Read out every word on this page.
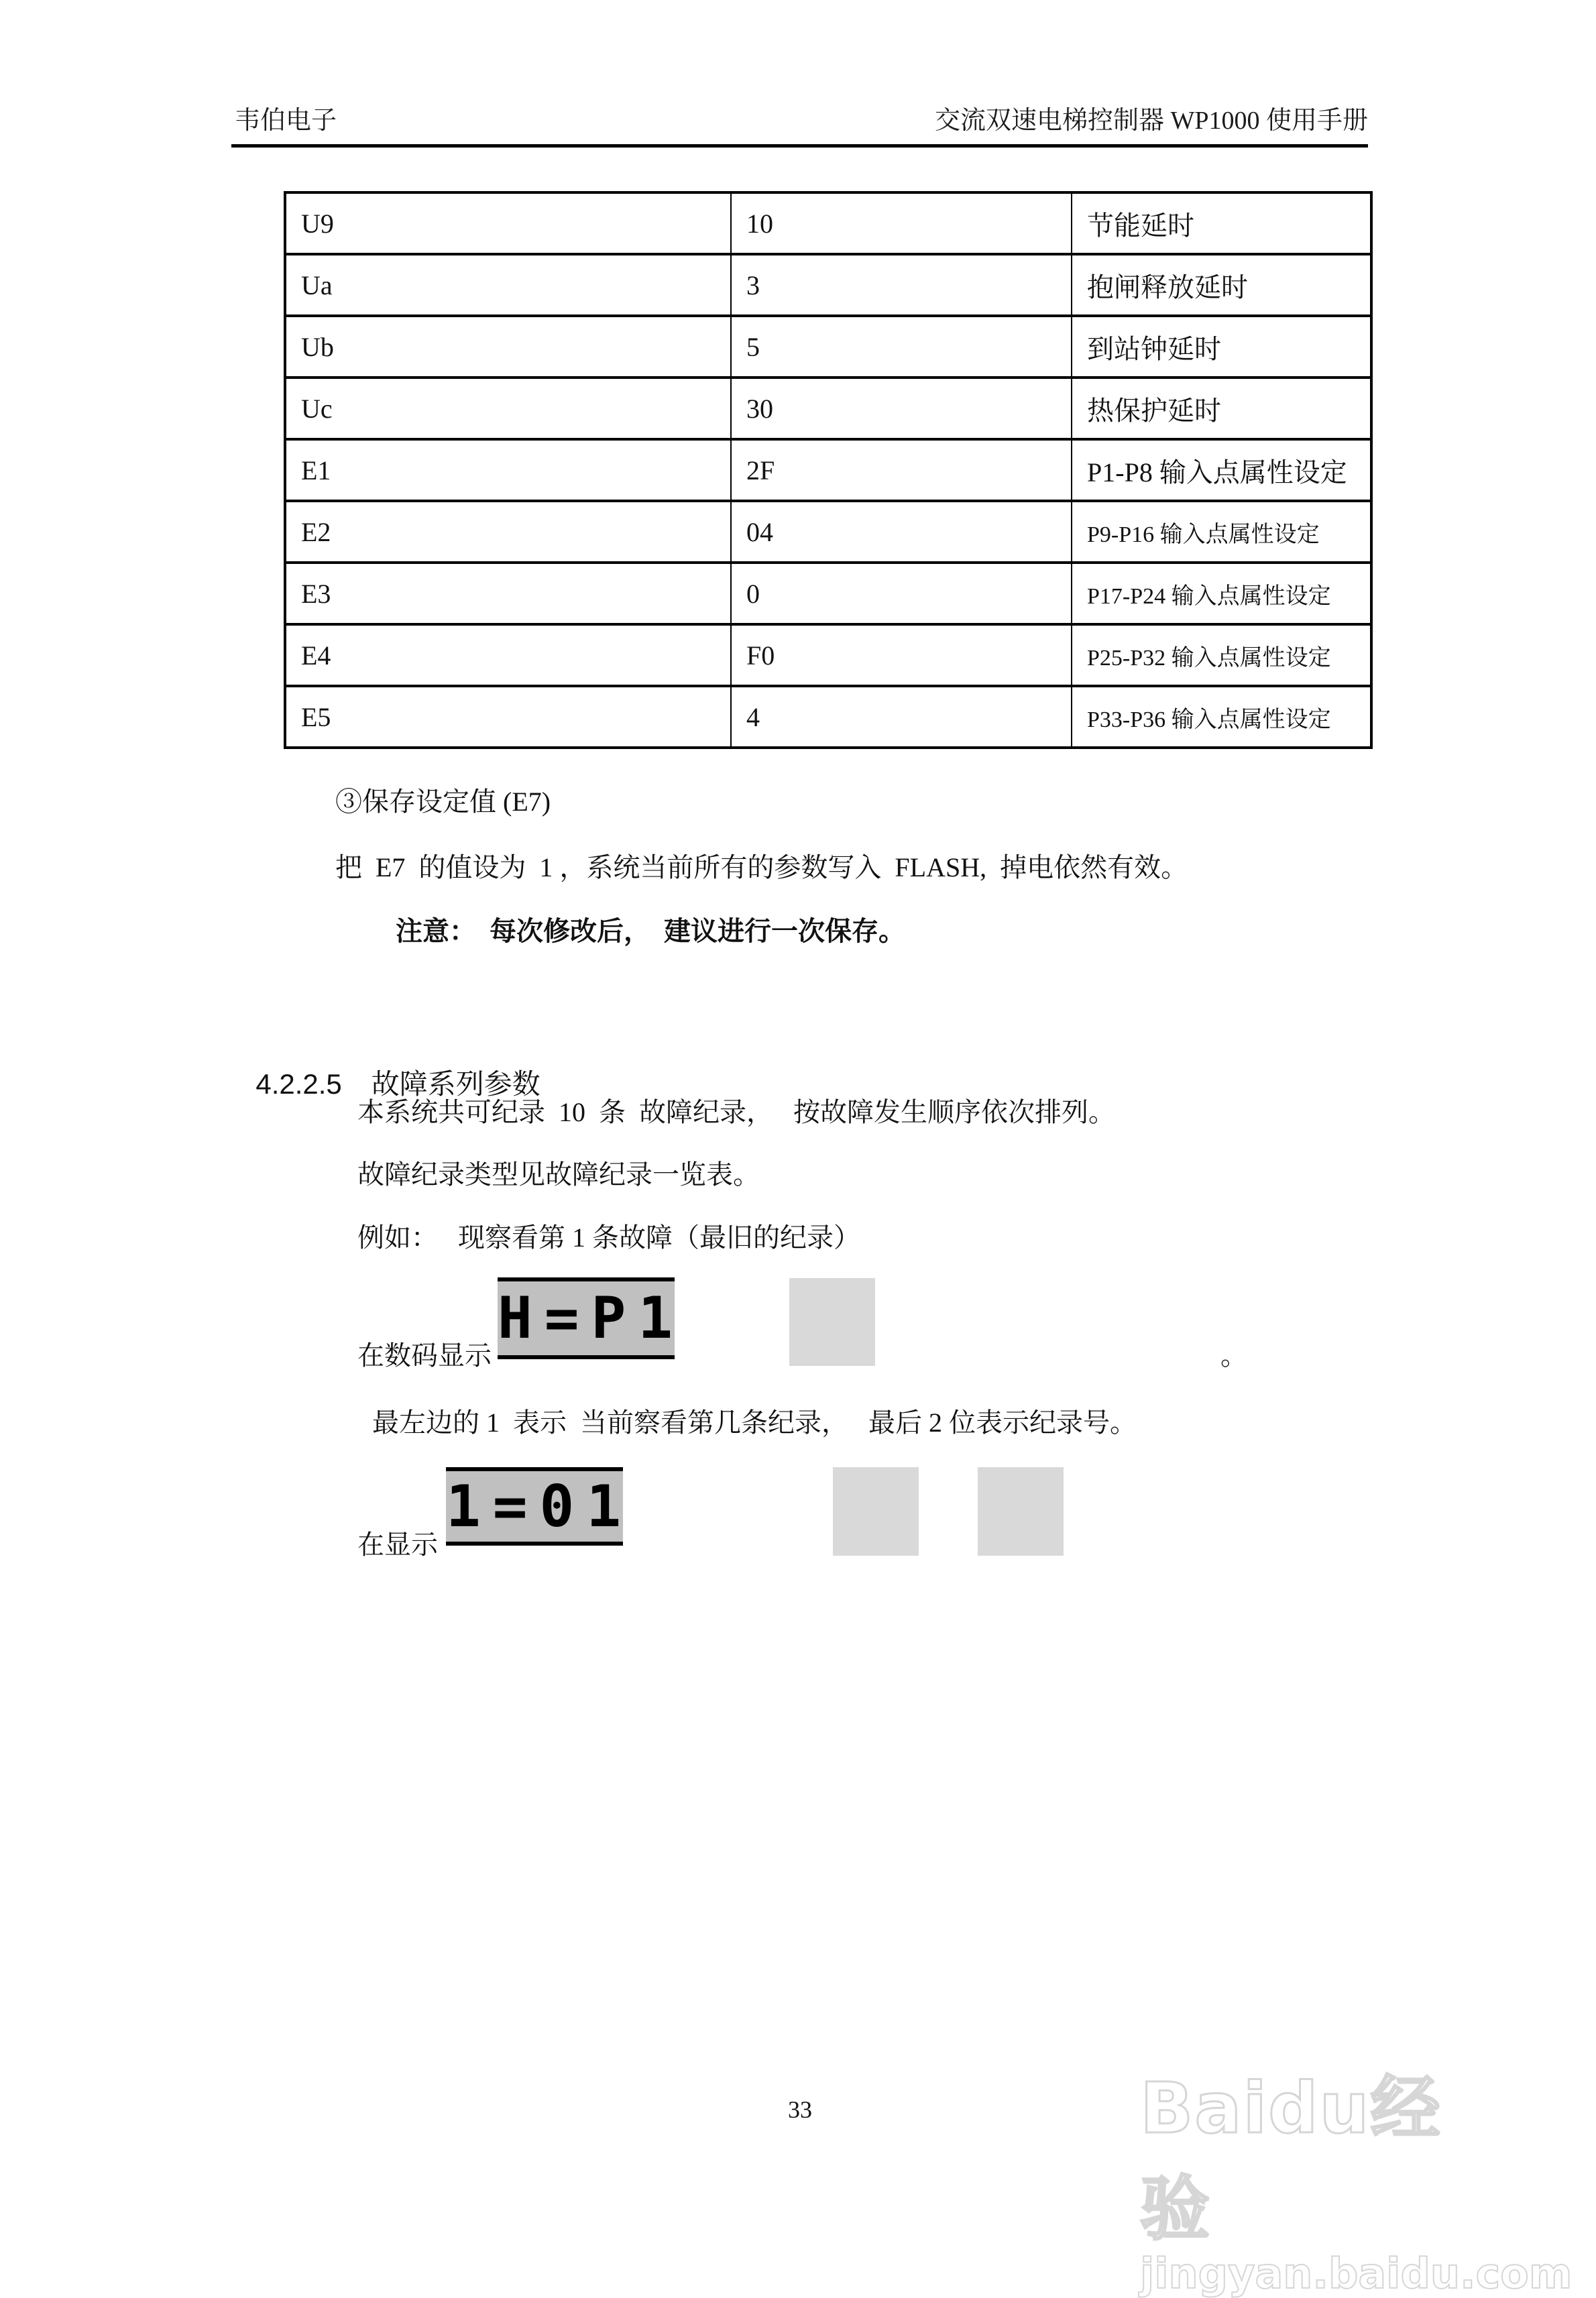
韦伯电子	交流双速电梯控制器 WP1000 使用手册
U9	10	节能延时
Ua	3	抱闸释放延时
Ub	5	到站钟延时
Uc	30	热保护延时
E1	2F	P1-P8 输入点属性设定
E2	04	P9-P16 输入点属性设定
E3	0	P17-P24 输入点属性设定
E4	F0	P25-P32 输入点属性设定
E5	4	P33-P36 输入点属性设定
③保存设定值 (E7)
把  E7  的值设为  1 ，系统当前所有的参数写入  FLASH,  掉电依然有效。
注意：  每次修改后，  建议进行一次保存。

4.2.2.5 故障系列参数

本系统共可纪录  10  条  故障纪录，   按故障发生顺序依次排列。
故障纪录类型见故障纪录一览表。
例如：   现察看第 1 条故障（最旧的纪录）
在数码显示
H=P1
。
最左边的 1  表示  当前察看第几条纪录，   最后 2 位表示纪录号。
在显示
1=01
33	Baidu经验
jingyan.baidu.com
